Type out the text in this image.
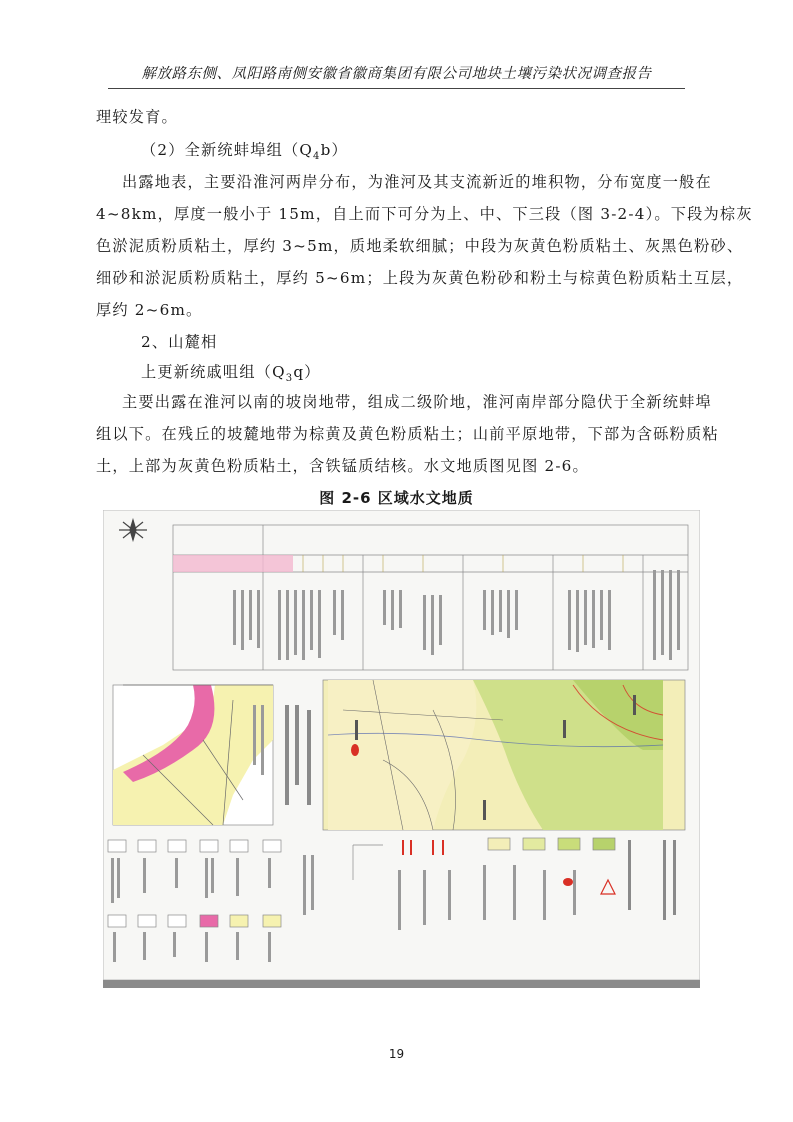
解放路东侧、凤阳路南侧安徽省徽商集团有限公司地块土壤污染状况调查报告
理较发育。
（2）全新统蚌埠组$(Q_4b)$
出露地表，主要沿淮河两岸分布，为淮河及其支流新近的堆积物，分布宽度一般在
4~8km，厚度一般小于 15m，自上而下可分为上、中、下三段（图 3-2-4）。下段为棕灰
色淤泥质粉质粘土，厚约 3~5m，质地柔软细腻；中段为灰黄色粉质粘土、灰黑色粉砂、
细砂和淤泥质粉质粘土，厚约 5~6m；上段为灰黄色粉砂和粉土与棕黄色粉质粘土互层，
厚约 2~6m。
2、山麓相
上更新统戚咀组$(Q_3q)$
主要出露在淮河以南的坡岗地带，组成二级阶地，淮河南岸部分隐伏于全新统蚌埠
组以下。在残丘的坡麓地带为棕黄及黄色粉质粘土；山前平原地带，下部为含砾粉质粘
土，上部为灰黄色粉质粘土，含铁锰质结核。水文地质图见图 2-6。
图 2-6 区域水文地质
19
